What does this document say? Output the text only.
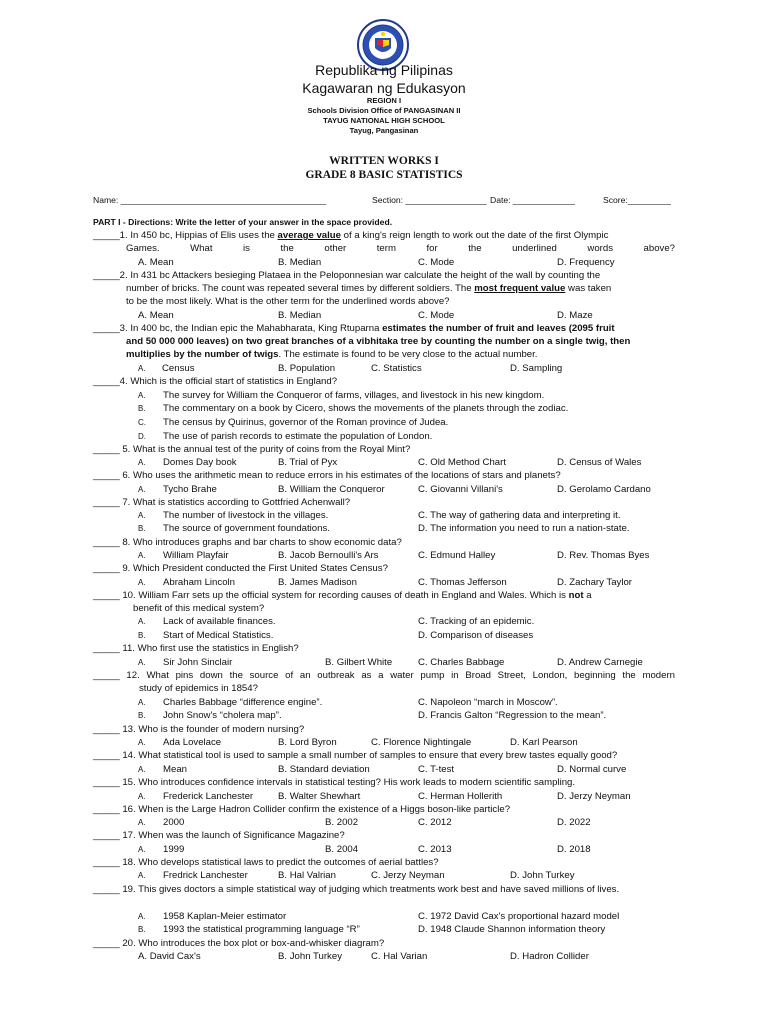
Republika ng Pilipinas
Kagawaran ng Edukasyon
REGION I
Schools Division Office of PANGASINAN II
TAYUG NATIONAL HIGH SCHOOL
Tayug, Pangasinan
WRITTEN WORKS I
GRADE 8 BASIC STATISTICS
Name: ___________________________________________	Section: _________________ Date: _____________	Score:_________
PART I - Directions: Write the letter of your answer in the space provided.
_____1. In 450 bc, Hippias of Elis uses the average value of a king's reign length to work out the date of the first Olympic
Games. What is the other term for the underlined words above?
A. Mean	B. Median	C. Mode	D. Frequency
_____2. In 431 bc Attackers besieging Plataea in the Peloponnesian war calculate the height of the wall by counting the
number of bricks. The count was repeated several times by different soldiers. The most frequent value was taken
to be the most likely. What is the other term for the underlined words above?
A. Mean	B. Median	C. Mode	D. Maze
_____3. In 400 bc, the Indian epic the Mahabharata, King Rtuparna estimates the number of fruit and leaves (2095 fruit
and 50 000 000 leaves) on two great branches of a vibhitaka tree by counting the number on a single twig, then
multiplies by the number of twigs. The estimate is found to be very close to the actual number.
A. Census	B. Population	C. Statistics	D. Sampling
_____4. Which is the official start of statistics in England?
A. The survey for William the Conqueror of farms, villages, and livestock in his new kingdom.
B. The commentary on a book by Cicero, shows the movements of the planets through the zodiac.
C. The census by Quirinus, governor of the Roman province of Judea.
D. The use of parish records to estimate the population of London.
_____ 5. What is the annual test of the purity of coins from the Royal Mint?
A. Domes Day book	B. Trial of Pyx	C. Old Method Chart	D. Census of Wales
_____ 6. Who uses the arithmetic mean to reduce errors in his estimates of the locations of stars and planets?
A. Tycho Brahe	B. William the Conqueror	C. Giovanni Villani's	D. Gerolamo Cardano
_____ 7. What is statistics according to Gottfried Achenwall?
A. The number of livestock in the villages.	C. The way of gathering data and interpreting it.
B. The source of government foundations.	D. The information you need to run a nation-state.
_____ 8. Who introduces graphs and bar charts to show economic data?
A. William Playfair	B. Jacob Bernoulli's Ars	C. Edmund Halley	D. Rev. Thomas Byes
_____ 9. Which President conducted the First United States Census?
A. Abraham Lincoln	B. James Madison	C. Thomas Jefferson	D. Zachary Taylor
_____ 10. William Farr sets up the official system for recording causes of death in England and Wales. Which is not a
benefit of this medical system?
A. Lack of available finances.	C. Tracking of an epidemic.
B. Start of Medical Statistics.	D. Comparison of diseases
_____ 11. Who first use the statistics in English?
A. Sir John Sinclair	B. Gilbert White	C. Charles Babbage	D. Andrew Carnegie
_____ 12. What pins down the source of an outbreak as a water pump in Broad Street, London, beginning the modern
study of epidemics in 1854?
A. Charles Babbage “difference engine”.	C. Napoleon “march in Moscow”.
B. John Snow's “cholera map”.	D. Francis Galton “Regression to the mean”.
_____ 13. Who is the founder of modern nursing?
A. Ada Lovelace	B. Lord Byron	C. Florence Nightingale	D. Karl Pearson
_____ 14. What statistical tool is used to sample a small number of samples to ensure that every brew tastes equally good?
A. Mean	B. Standard deviation	C. T-test	D. Normal curve
_____ 15. Who introduces confidence intervals in statistical testing? His work leads to modern scientific sampling.
A. Frederick Lanchester	B. Walter Shewhart	C. Herman Hollerith	D. Jerzy Neyman
_____ 16. When is the Large Hadron Collider confirm the existence of a Higgs boson-like particle?
A. 2000	B. 2002	C. 2012	D. 2022
_____ 17. When was the launch of Significance Magazine?
A. 1999	B. 2004	C. 2013	D. 2018
_____ 18. Who develops statistical laws to predict the outcomes of aerial battles?
A. Fredrick Lanchester	B. Hal Valrian	C. Jerzy Neyman	D. John Turkey
_____ 19. This gives doctors a simple statistical way of judging which treatments work best and have saved millions of lives.
A. 1958 Kaplan-Meier estimator	C. 1972 David Cax's proportional hazard model
B. 1993 the statistical programming language “R”	D. 1948 Claude Shannon information theory
_____ 20. Who introduces the box plot or box-and-whisker diagram?
A. David Cax's	B. John Turkey	C. Hal Varian	D. Hadron Collider
